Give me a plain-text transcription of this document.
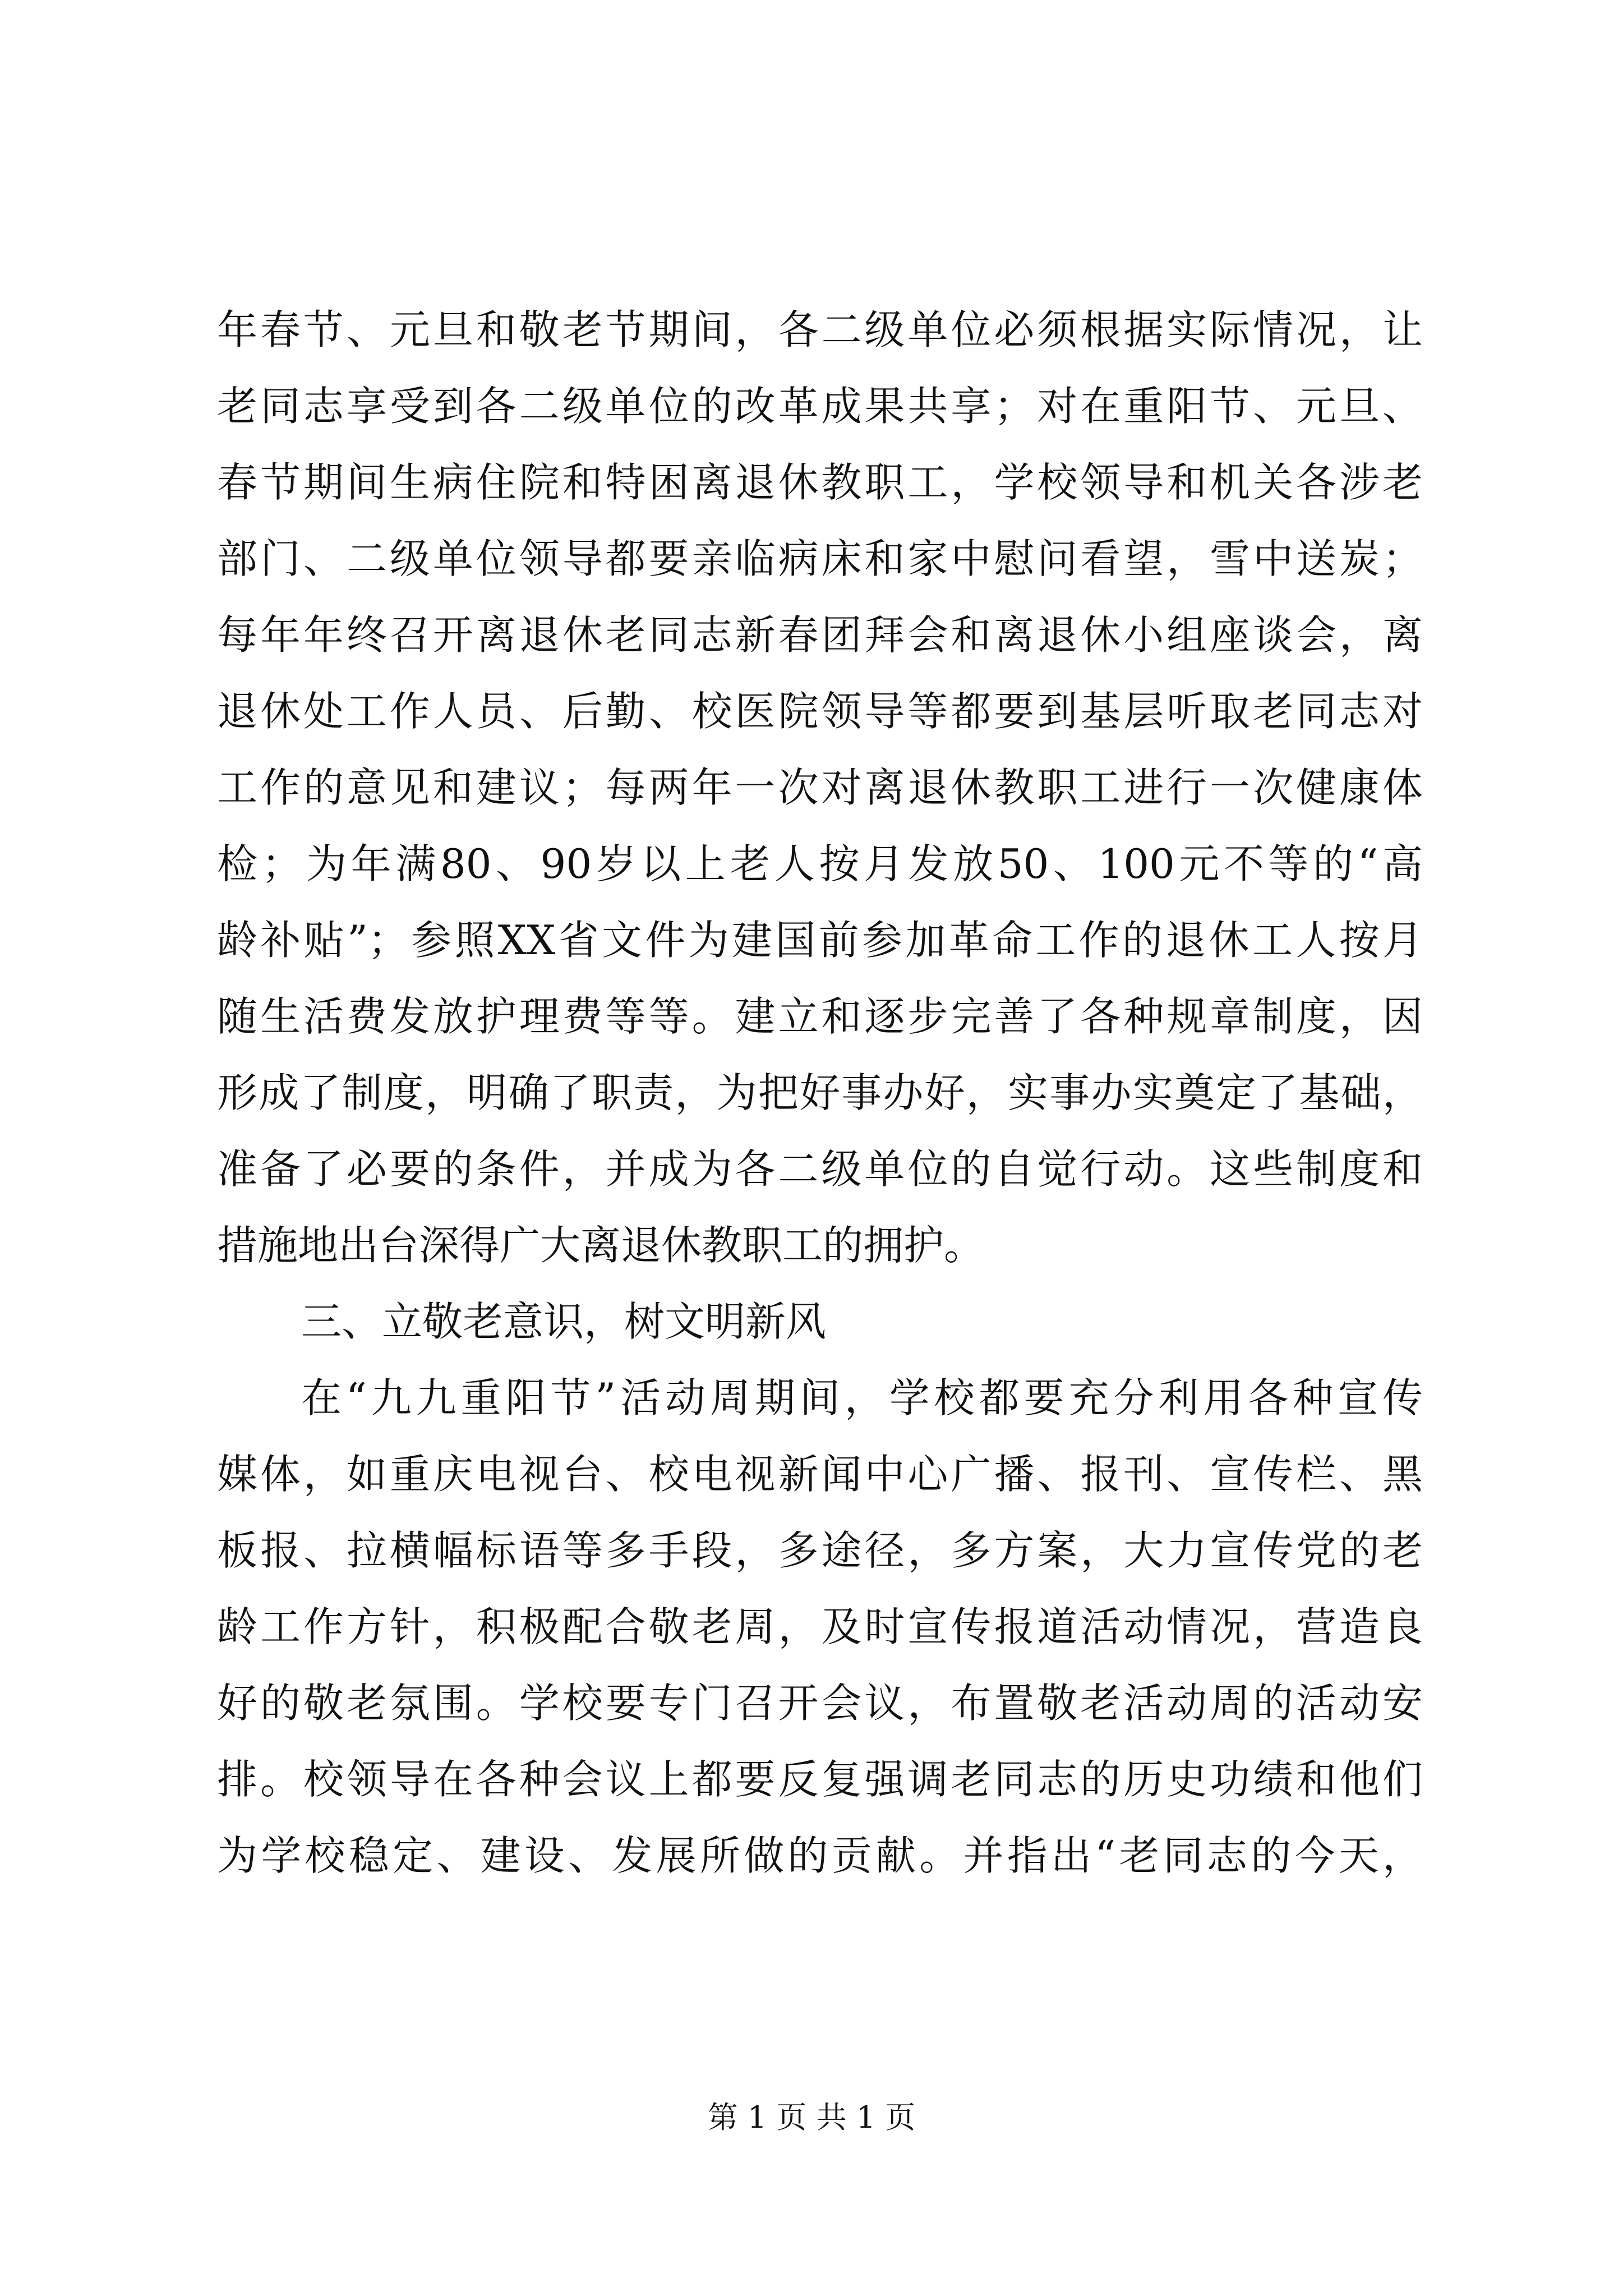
年春节、元旦和敬老节期间，各二级单位必须根据实际情况，让
老同志享受到各二级单位的改革成果共享；对在重阳节、元旦、
春节期间生病住院和特困离退休教职工，学校领导和机关各涉老
部门、二级单位领导都要亲临病床和家中慰问看望，雪中送炭；
每年年终召开离退休老同志新春团拜会和离退休小组座谈会，离
退休处工作人员、后勤、校医院领导等都要到基层听取老同志对
工作的意见和建议；每两年一次对离退休教职工进行一次健康体
检；为年满80、90岁以上老人按月发放50、100元不等的“高
龄补贴”；参照XX省文件为建国前参加革命工作的退休工人按月
随生活费发放护理费等等。建立和逐步完善了各种规章制度，因
形成了制度，明确了职责，为把好事办好，实事办实奠定了基础，
准备了必要的条件，并成为各二级单位的自觉行动。这些制度和
措施地出台深得广大离退休教职工的拥护。
三、立敬老意识，树文明新风
在“九九重阳节”活动周期间，学校都要充分利用各种宣传
媒体，如重庆电视台、校电视新闻中心广播、报刊、宣传栏、黑
板报、拉横幅标语等多手段，多途径，多方案，大力宣传党的老
龄工作方针，积极配合敬老周，及时宣传报道活动情况，营造良
好的敬老氛围。学校要专门召开会议，布置敬老活动周的活动安
排。校领导在各种会议上都要反复强调老同志的历史功绩和他们
为学校稳定、建设、发展所做的贡献。并指出“老同志的今天，
第 1 页 共 1 页
